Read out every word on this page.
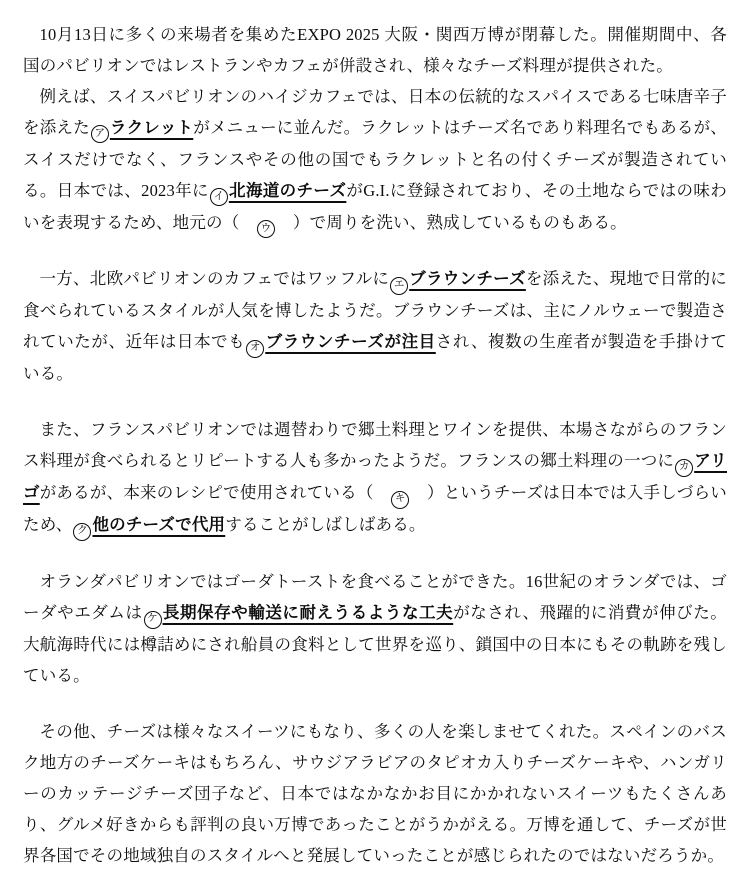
10月13日に多くの来場者を集めたEXPO 2025 大阪・関西万博が閉幕した。開催期間中、各国のパビリオンではレストランやカフェが併設され、様々なチーズ料理が提供された。

例えば、スイスパビリオンのハイジカフェでは、日本の伝統的なスパイスである七味唐辛子を添えた ア ラクレットがメニューに並んだ。ラクレットはチーズ名であり料理名でもあるが、スイスだけでなく、フランスやその他の国でもラクレットと名の付くチーズが製造されている。日本では、2023年に イ 北海道のチーズがG.I.に登録されており、その土地ならではの味わいを表現するため、地元の（　ウ　）で周りを洗い、熟成しているものもある。

一方、北欧パビリオンのカフェではワッフルに エ ブラウンチーズを添えた、現地で日常的に食べられているスタイルが人気を博したようだ。ブラウンチーズは、主にノルウェーで製造されていたが、近年は日本でも オ ブラウンチーズが注目され、複数の生産者が製造を手掛けている。

また、フランスパビリオンでは週替わりで郷土料理とワインを提供、本場さながらのフランス料理が食べられるとリピートする人も多かったようだ。フランスの郷土料理の一つに カ アリゴがあるが、本来のレシピで使用されている（　キ　）というチーズは日本では入手しづらいため、 ク 他のチーズで代用することがしばしばある。

オランダパビリオンではゴーダトーストを食べることができた。16世紀のオランダでは、ゴーダやエダムは ケ 長期保存や輸送に耐えうるような工夫がなされ、飛躍的に消費が伸びた。大航海時代には樽詰めにされ船員の食料として世界を巡り、鎖国中の日本にもその軌跡を残している。

その他、チーズは様々なスイーツにもなり、多くの人を楽しませてくれた。スペインのバスク地方のチーズケーキはもちろん、サウジアラビアのタピオカ入りチーズケーキや、ハンガリーのカッテージチーズ団子など、日本ではなかなかお目にかかれないスイーツもたくさんあり、グルメ好きからも評判の良い万博であったことがうかがえる。万博を通して、チーズが世界各国でその地域独自のスタイルへと発展していったことが感じられたのではないだろうか。
